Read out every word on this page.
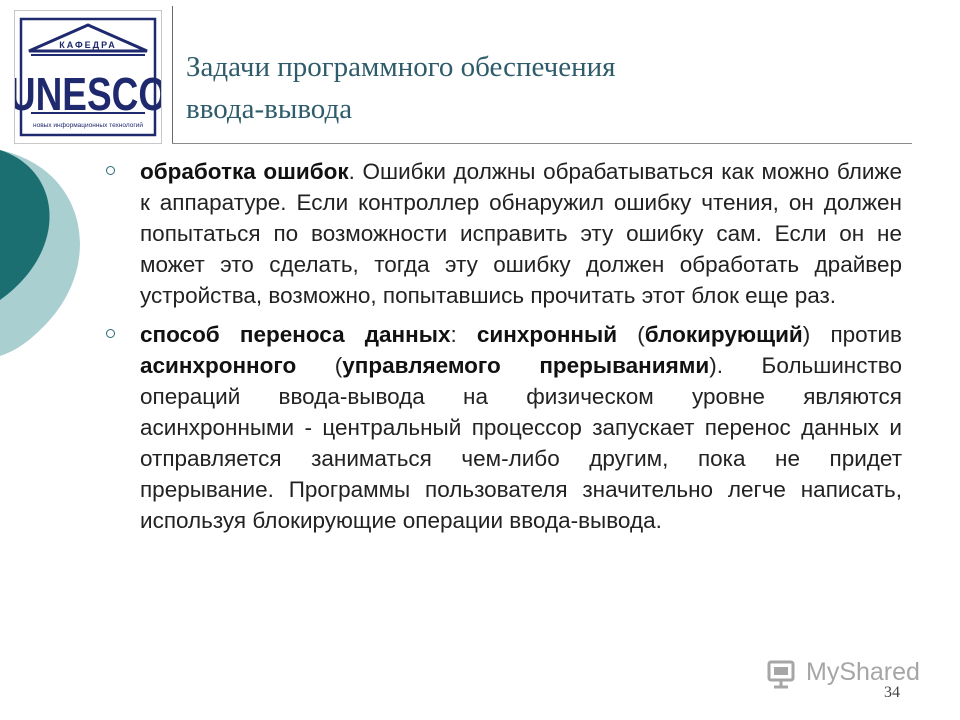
КАФЕДРА
UNESCO
новых информационных технологий
Задачи программного обеспечения
ввода-вывода
обработка ошибок. Ошибки должны обрабатываться как можно ближе к аппаратуре. Если контроллер обнаружил ошибку чтения, он должен попытаться по возможности исправить эту ошибку сам. Если он не может это сделать, тогда эту ошибку должен обработать драйвер устройства, возможно, попытавшись прочитать этот блок еще раз.
способ переноса данных: синхронный (блокирующий) против асинхронного (управляемого прерываниями). Большинство операций ввода-вывода на физическом уровне являются асинхронными - центральный процессор запускает перенос данных и отправляется заниматься чем-либо другим, пока не придет прерывание. Программы пользователя значительно легче написать, используя блокирующие операции ввода-вывода.
MyShared
34
